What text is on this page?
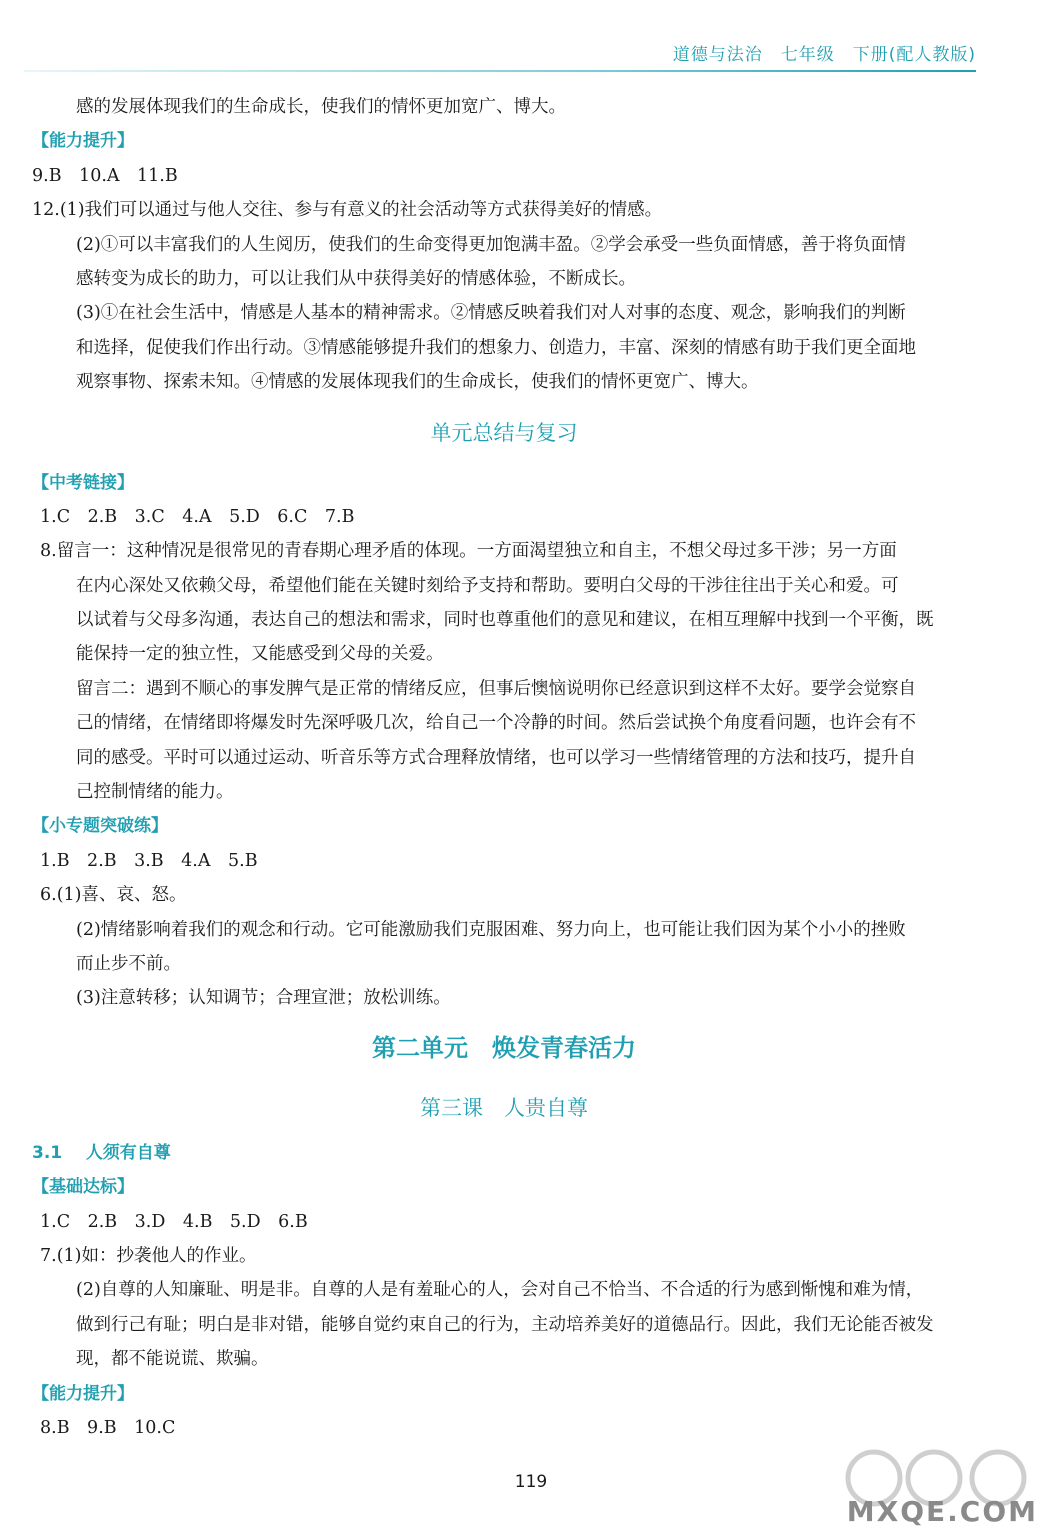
道德与法治 七年级 下册(配人教版)
感的发展体现我们的生命成长，使我们的情怀更加宽广、博大。
【能力提升】
9.B　10.A　11.B
12.(1)我们可以通过与他人交往、参与有意义的社会活动等方式获得美好的情感。
(2)①可以丰富我们的人生阅历，使我们的生命变得更加饱满丰盈。②学会承受一些负面情感，善于将负面情
感转变为成长的助力，可以让我们从中获得美好的情感体验，不断成长。
(3)①在社会生活中，情感是人基本的精神需求。②情感反映着我们对人对事的态度、观念，影响我们的判断
和选择，促使我们作出行动。③情感能够提升我们的想象力、创造力，丰富、深刻的情感有助于我们更全面地
观察事物、探索未知。④情感的发展体现我们的生命成长，使我们的情怀更宽广、博大。
单元总结与复习
【中考链接】
1.C　2.B　3.C　4.A　5.D　6.C　7.B
8.留言一：这种情况是很常见的青春期心理矛盾的体现。一方面渴望独立和自主，不想父母过多干涉；另一方面
在内心深处又依赖父母，希望他们能在关键时刻给予支持和帮助。要明白父母的干涉往往出于关心和爱。可
以试着与父母多沟通，表达自己的想法和需求，同时也尊重他们的意见和建议，在相互理解中找到一个平衡，既
能保持一定的独立性，又能感受到父母的关爱。
留言二：遇到不顺心的事发脾气是正常的情绪反应，但事后懊恼说明你已经意识到这样不太好。要学会觉察自
己的情绪，在情绪即将爆发时先深呼吸几次，给自己一个冷静的时间。然后尝试换个角度看问题，也许会有不
同的感受。平时可以通过运动、听音乐等方式合理释放情绪，也可以学习一些情绪管理的方法和技巧，提升自
己控制情绪的能力。
【小专题突破练】
1.B　2.B　3.B　4.A　5.B
6.(1)喜、哀、怒。
(2)情绪影响着我们的观念和行动。它可能激励我们克服困难、努力向上，也可能让我们因为某个小小的挫败
而止步不前。
(3)注意转移；认知调节；合理宣泄；放松训练。
第二单元　焕发青春活力
第三课　人贵自尊
3.1 人须有自尊
【基础达标】
1.C　2.B　3.D　4.B　5.D　6.B
7.(1)如：抄袭他人的作业。
(2)自尊的人知廉耻、明是非。自尊的人是有羞耻心的人，会对自己不恰当、不合适的行为感到惭愧和难为情，
做到行己有耻；明白是非对错，能够自觉约束自己的行为，主动培养美好的道德品行。因此，我们无论能否被发
现，都不能说谎、欺骗。
【能力提升】
8.B　9.B　10.C
119
MXQE.COM
